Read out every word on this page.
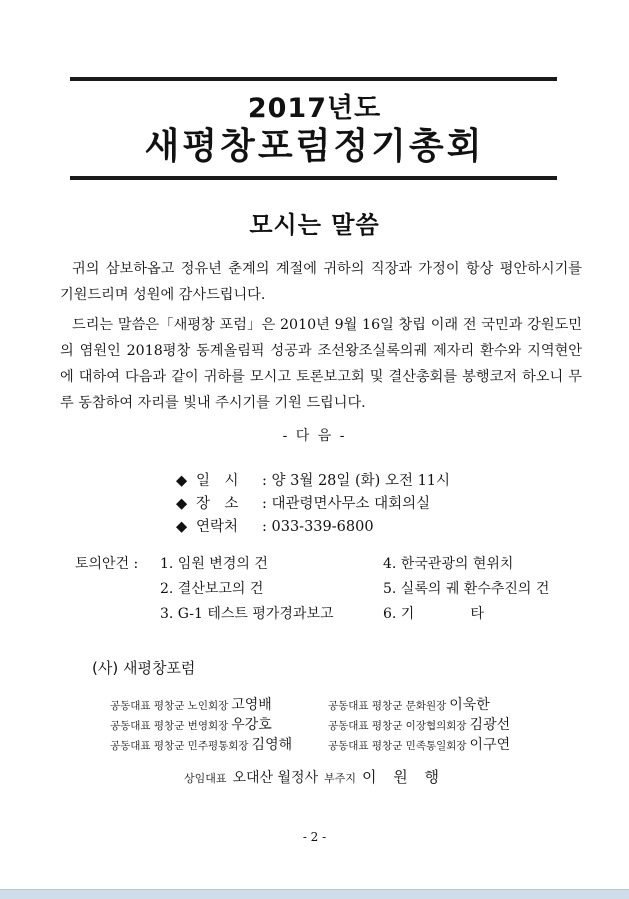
2017년도
새평창포럼정기총회
모시는 말씀

귀의 삼보하옵고 정유년 춘계의 계절에 귀하의 직장과 가정이 항상 평안하시기를 기원드리며 성원에 감사드립니다.

드리는 말씀은「새평창 포럼」은 2010년 9월 16일 창립 이래 전 국민과 강원도민의 염원인 2018평창 동계올림픽 성공과 조선왕조실록의궤 제자리 환수와 지역현안에 대하여 다음과 같이 귀하를 모시고 토론보고회 및 결산총회를 봉행코저 하오니 무루 동참하여 자리를 빛내 주시기를 기원 드립니다.

- 다 음 -
◆ 일　시 : 양 3월 28일 (화) 오전 11시
◆ 장　소 : 대관령면사무소 대회의실
◆ 연락처 : 033-339-6800
토의안건 : 1. 임원 변경의 건
2. 결산보고의 건
3. G-1 테스트 평가경과보고
4. 한국관광의 현위치
5. 실록의 궤 환수추진의 건
6. 기　　　　타
(사) 새평창포럼
공동대표 평창군 노인회장 고영배
공동대표 평창군 번영회장 우강호
공동대표 평창군 민주평통회장 김영해
공동대표 평창군 문화원장 이욱한
공동대표 평창군 이장협의회장 김광선
공동대표 평창군 민족통일회장 이구연
상임대표 오대산 월정사 부주지 이 원 행
- 2 -
